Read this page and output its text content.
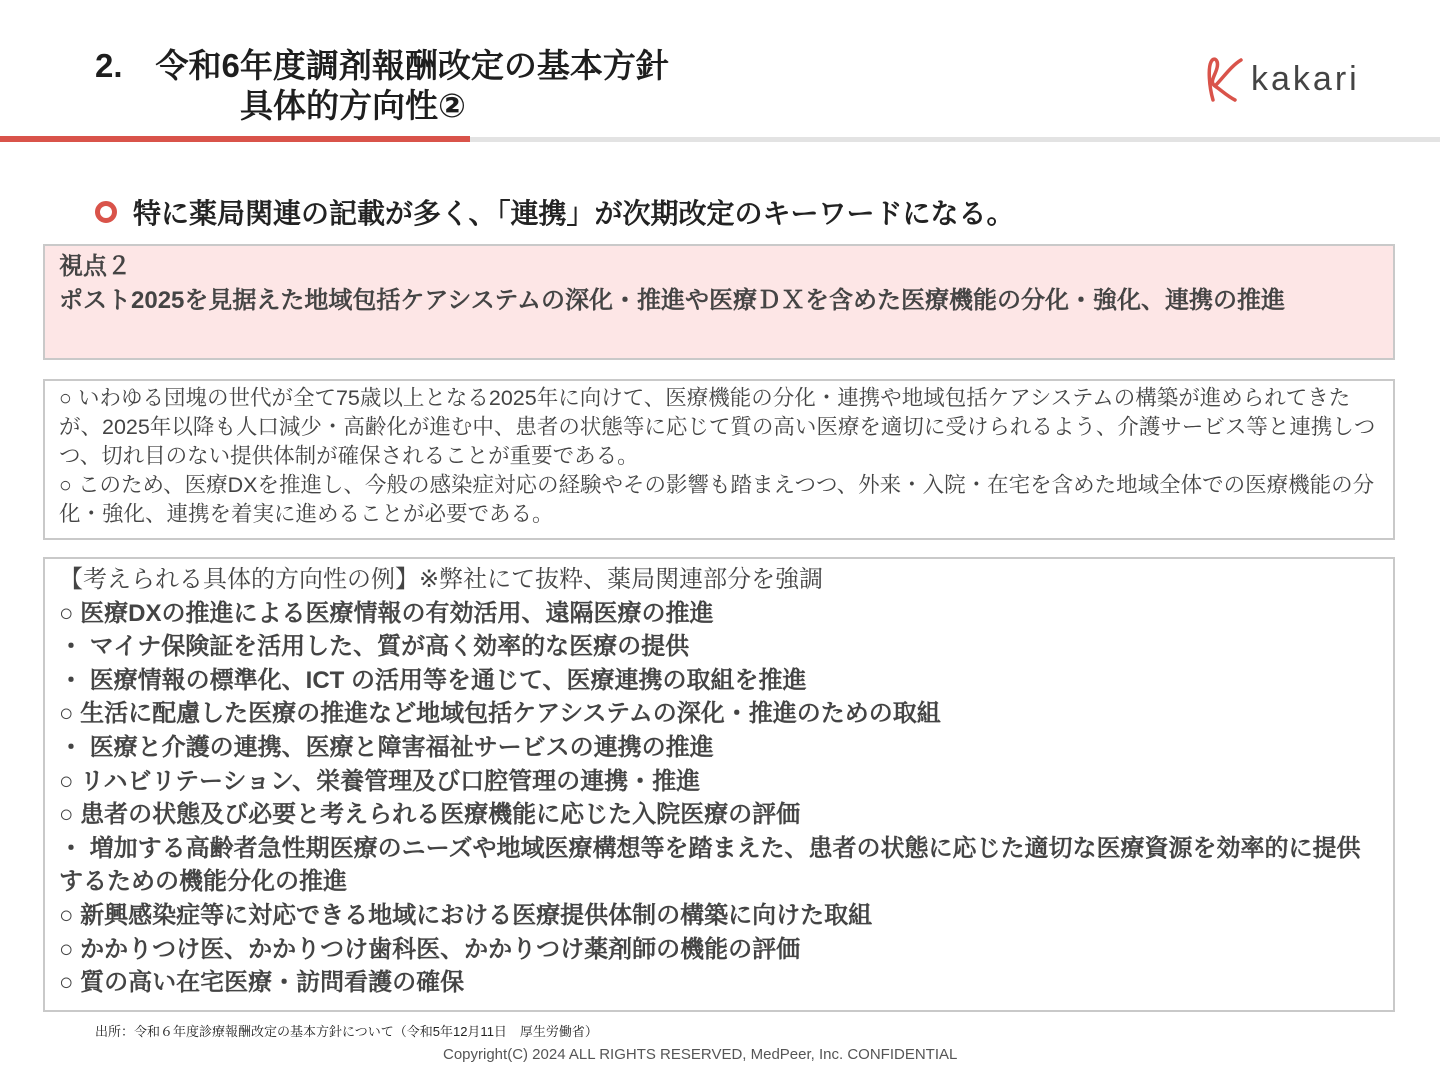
2.　令和6年度調剤報酬改定の基本方針
具体的方向性②
kakari
特に薬局関連の記載が多く、「連携」が次期改定のキーワードになる。
視点２
ポスト2025を見据えた地域包括ケアシステムの深化・推進や医療ＤＸを含めた医療機能の分化・強化、連携の推進
○ いわゆる団塊の世代が全て75歳以上となる2025年に向けて、医療機能の分化・連携や地域包括ケアシステムの構築が進められてきたが、2025年以降も人口減少・高齢化が進む中、患者の状態等に応じて質の高い医療を適切に受けられるよう、介護サービス等と連携しつつ、切れ目のない提供体制が確保されることが重要である。
○ このため、医療DXを推進し、今般の感染症対応の経験やその影響も踏まえつつ、外来・入院・在宅を含めた地域全体での医療機能の分化・強化、連携を着実に進めることが必要である。
【考えられる具体的方向性の例】※弊社にて抜粋、薬局関連部分を強調
○ 医療DXの推進による医療情報の有効活用、遠隔医療の推進
・ マイナ保険証を活用した、質が高く効率的な医療の提供
・ 医療情報の標準化、ICT の活用等を通じて、医療連携の取組を推進
○ 生活に配慮した医療の推進など地域包括ケアシステムの深化・推進のための取組
・ 医療と介護の連携、医療と障害福祉サービスの連携の推進
○ リハビリテーション、栄養管理及び口腔管理の連携・推進
○ 患者の状態及び必要と考えられる医療機能に応じた入院医療の評価
・ 増加する高齢者急性期医療のニーズや地域医療構想等を踏まえた、患者の状態に応じた適切な医療資源を効率的に提供するための機能分化の推進
○ 新興感染症等に対応できる地域における医療提供体制の構築に向けた取組
○ かかりつけ医、かかりつけ歯科医、かかりつけ薬剤師の機能の評価
○ 質の高い在宅医療・訪問看護の確保
出所：令和６年度診療報酬改定の基本方針について（令和5年12月11日　厚生労働省）
Copyright(C) 2024 ALL RIGHTS RESERVED, MedPeer, Inc. CONFIDENTIAL
